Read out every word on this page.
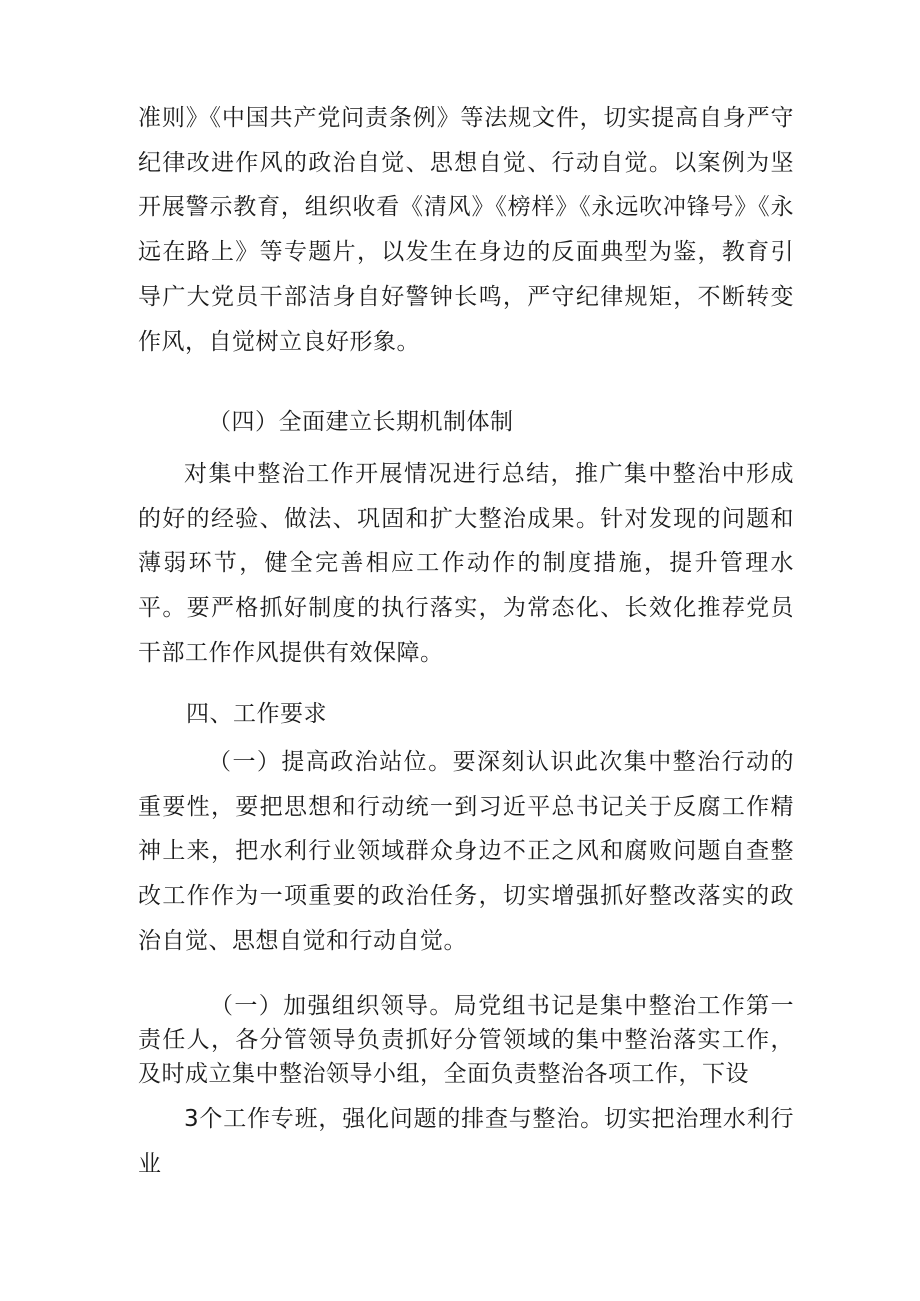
准则》《中国共产党问责条例》等法规文件，切实提高自身严守纪律改进作风的政治自觉、思想自觉、行动自觉。以案例为坚开展警示教育，组织收看《清风》《榜样》《永远吹冲锋号》《永远在路上》等专题片，以发生在身边的反面典型为鉴，教育引导广大党员干部洁身自好警钟长鸣，严守纪律规矩，不断转变作风，自觉树立良好形象。

（四）全面建立长期机制体制

对集中整治工作开展情况进行总结，推广集中整治中形成的好的经验、做法、巩固和扩大整治成果。针对发现的问题和薄弱环节，健全完善相应工作动作的制度措施，提升管理水平。要严格抓好制度的执行落实，为常态化、长效化推荐党员干部工作作风提供有效保障。

四、工作要求

（一）提高政治站位。要深刻认识此次集中整治行动的重要性，要把思想和行动统一到习近平总书记关于反腐工作精神上来，把水利行业领域群众身边不正之风和腐败问题自查整改工作作为一项重要的政治任务，切实增强抓好整改落实的政治自觉、思想自觉和行动自觉。

（一）加强组织领导。局党组书记是集中整治工作第一责任人，各分管领导负责抓好分管领域的集中整治落实工作，及时成立集中整治领导小组，全面负责整治各项工作，下设

3个工作专班，强化问题的排查与整治。切实把治理水利行业
